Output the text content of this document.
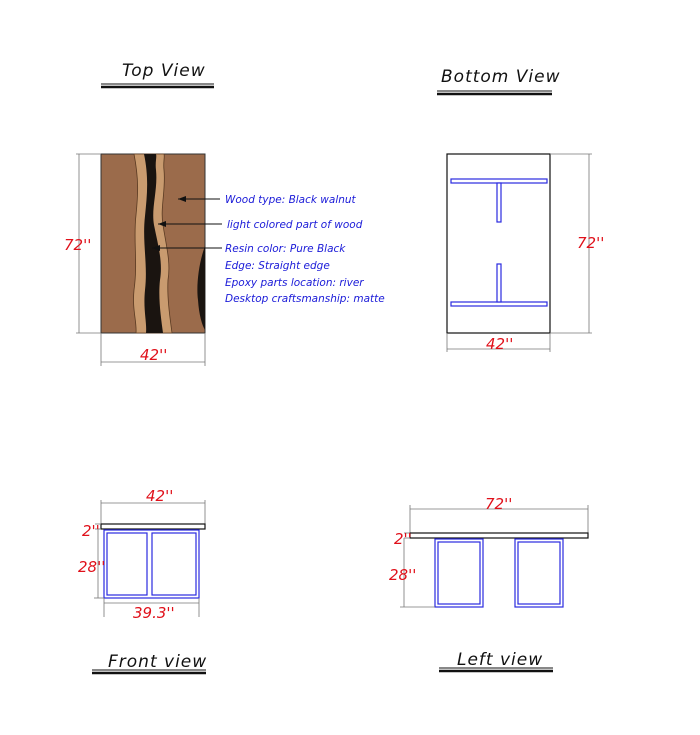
Top View
72''
42''
Wood type: Black walnut
light colored part of wood
Resin color: Pure Black
Edge: Straight edge
Epoxy parts location: river
Desktop craftsmanship: matte
Bottom View
72''
42''
42''
2''
28''
39.3''
Front view
72''
2''
28''
Left view
